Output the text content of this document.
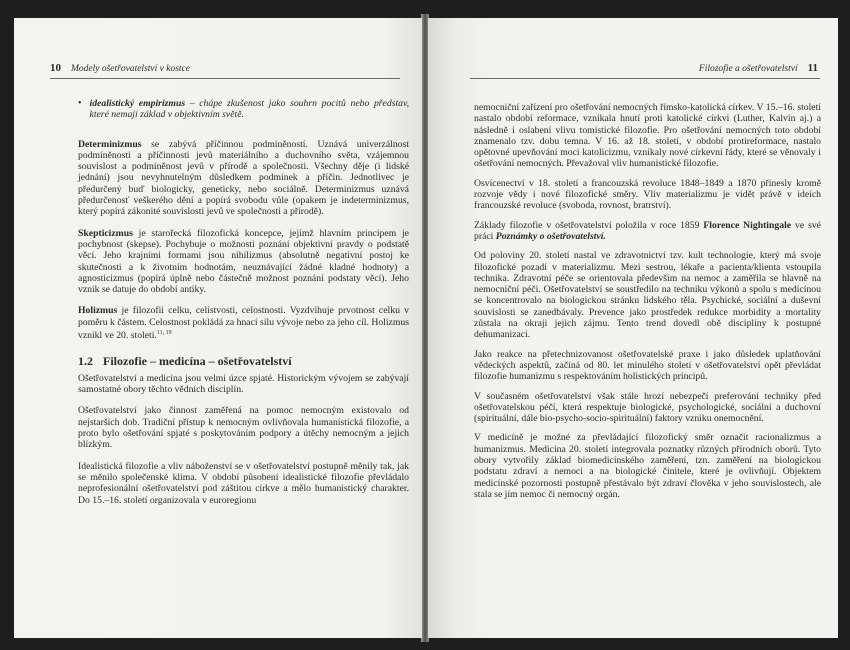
10 Modely ošetřovatelství v kostce
• idealistický empirizmus – chápe zkušenost jako souhrn pocitů nebo představ, které nemají základ v objektivním světě.

Determinizmus se zabývá příčinnou podmíněností. Uznává univerzálnost podmíněnosti a příčinnosti jevů materiálního a duchovního světa, vzájemnou souvislost a podmíněnost jevů v přírodě a společnosti. Všechny děje (i lidské jednání) jsou nevyhnutelným důsledkem podmínek a příčin. Jednotlivec je předurčený buď biologicky, geneticky, nebo sociálně. Determinizmus uznává předurčenosť veškerého dění a popírá svobodu vůle (opakem je indeterminizmus, který popírá zákonité souvislosti jevů ve společnosti a přírodě).

Skepticizmus je starořecká filozofická koncepce, jejímž hlavním principem je pochybnost (skepse). Pochybuje o možnosti poznání objektivní pravdy o podstatě věcí. Jeho krajními formami jsou nihilizmus (absolutně negativní postoj ke skutečnosti a k životním hodnotám, neuznávající žádné kladné hodnoty) a agnosticizmus (popírá úplně nebo částečně možnost poznání podstaty věcí). Jeho vznik se datuje do období antiky.

Holizmus je filozofii celku, celistvosti, celostnosti. Vyzdvihuje prvotnost celku v poměru k částem. Celostnost pokládá za hnací sílu vývoje nebo za jeho cíl. Holizmus vznikl ve 20. století.$^{11, 19}$

1.2 Filozofie – medicína – ošetřovatelství

Ošetřovatelství a medicína jsou velmi úzce spjaté. Historickým vývojem se zabývají samostatné obory těchto vědních disciplín.

Ošetřovatelství jako činnost zaměřená na pomoc nemocným existovalo od nejstarších dob. Tradiční přístup k nemocným ovlivňovala humanistická filozofie, a proto bylo ošetřování spjaté s poskytováním podpory a útěchy nemocným a jejich blízkým.

Idealistická filozofie a vliv náboženství se v ošetřovatelství postupně měnily tak, jak se měnilo společenské klima. V období působení idealistické filozofie převládalo neprofesionální ošetřovatelství pod záštitou církve a mělo humanistický charakter. Do 15.–16. století organizovala v euroregionu

Filozofie a ošetřovatelství 11

nemocniční zařízení pro ošetřování nemocných římsko-katolická církev. V 15.–16. století nastalo období reformace, vznikala hnutí proti katolické církvi (Luther, Kalvín aj.) a následně i oslabení vlivu tomistické filozofie. Pro ošetřování nemocných toto období znamenalo tzv. dobu temna. V 16. až 18. století, v období protireformace, nastalo opětovné upevňování moci katolicizmu, vznikaly nové církevní řády, které se věnovaly i ošetřování nemocných. Převažoval vliv humanistické filozofie.

Osvícenectví v 18. století a francouzská revoluce 1848–1849 a 1870 přinesly kromě rozvoje vědy i nové filozofické směry. Vliv materializmu je vidět právě v ideích francouzské revoluce (svoboda, rovnost, bratrství).

Základy filozofie v ošetřovatelství položila v roce 1859 Florence Nightingale ve své práci Poznámky o ošetřovatelství.

Od poloviny 20. století nastal ve zdravotnictví tzv. kult technologie, který má svoje filozofické pozadí v materializmu. Mezi sestrou, lékaře a pacienta/klienta vstoupila technika. Zdravotní péče se orientovala především na nemoc a zaměřila se hlavně na nemocniční péči. Ošetřovatelství se soustředilo na techniku výkonů a spolu s medicínou se koncentrovalo na biologickou stránku lidského těla. Psychické, sociální a duševní souvislosti se zanedbávaly. Prevence jako prostředek redukce morbidity a mortality zůstala na okraji jejich zájmu. Tento trend dovedl obě disciplíny k postupné dehumanizaci.

Jako reakce na přetechnizovanost ošetřovatelské praxe i jako důsledek uplatňování vědeckých aspektů, začíná od 80. let minulého století v ošetřovatelství opět převládat filozofie humanizmu s respektováním holistických principů.

V současném ošetřovatelství však stále hrozí nebezpečí preferování techniky před ošetřovatelskou péčí, která respektuje biologické, psychologické, sociální a duchovní (spirituální, dále bio-psycho-socio-spirituální) faktory vzniku onemocnění.

V medicíně je možné za převládající filozofický směr označit racionalizmus a humanizmus. Medicína 20. století integrovala poznatky různých přírodních oborů. Tyto obory vytvořily základ biomedicínského zaměření, tzn. zaměření na biologickou podstatu zdraví a nemoci a na biologické činitele, které je ovlivňují. Objektem medicínské pozornosti postupně přestávalo být zdraví člověka v jeho souvislostech, ale stala se jím nemoc či nemocný orgán.
